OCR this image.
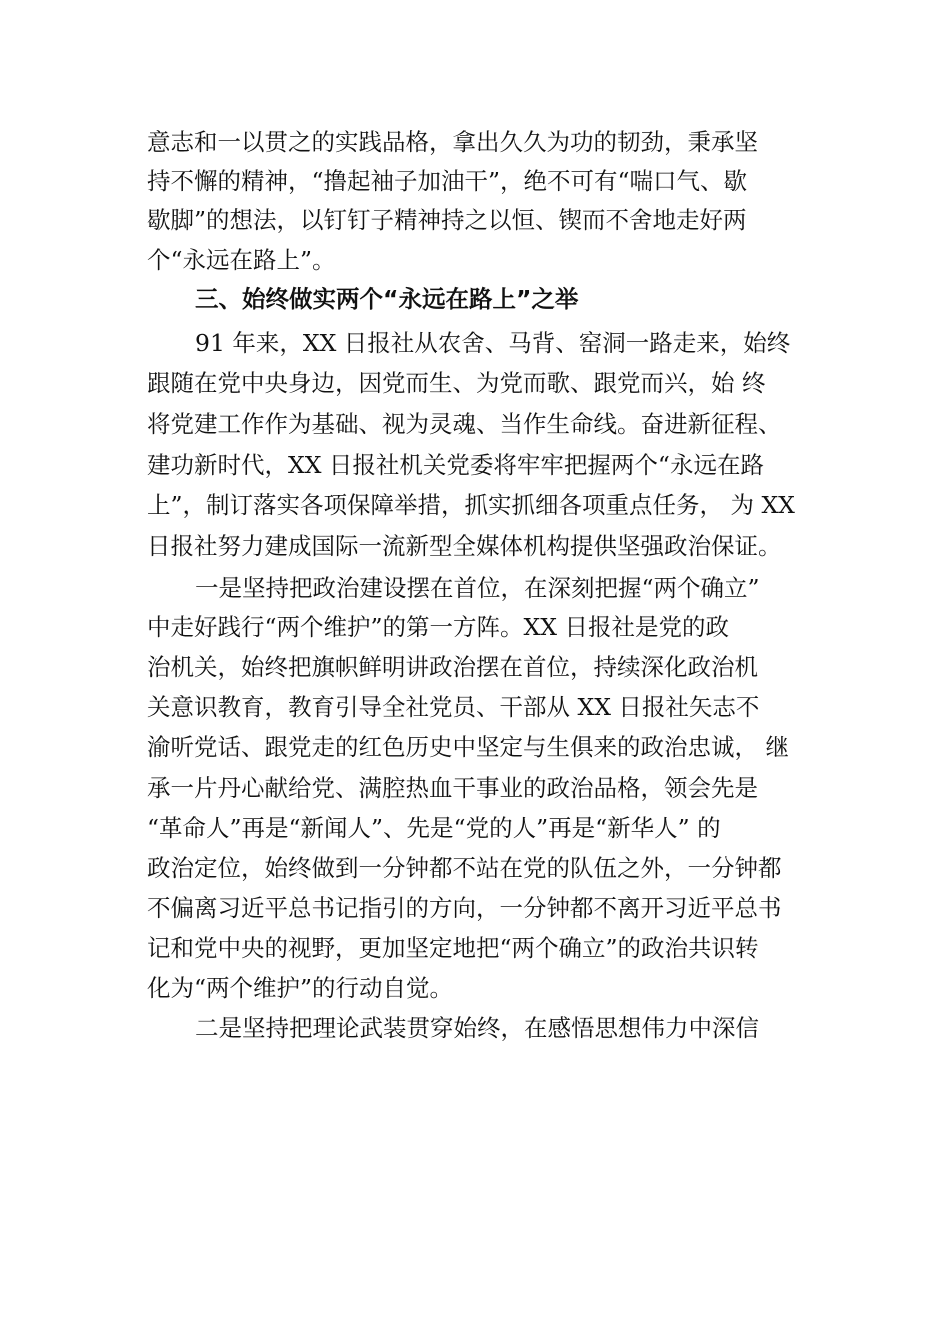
意志和一以贯之的实践品格，拿出久久为功的韧劲，秉承坚
持不懈的精神，“撸起袖子加油干”，绝不可有“喘口气、歇
歇脚”的想法，以钉钉子精神持之以恒、锲而不舍地走好两
个“永远在路上”。
三、始终做实两个“永远在路上”之举
91 年来，XX 日报社从农舍、马背、窑洞一路走来，始终
跟随在党中央身边，因党而生、为党而歌、跟党而兴，始 终
将党建工作作为基础、视为灵魂、当作生命线。奋进新征程、
建功新时代，XX 日报社机关党委将牢牢把握两个“永远在路
上”，制订落实各项保障举措，抓实抓细各项重点任务， 为 XX
日报社努力建成国际一流新型全媒体机构提供坚强政治保证。
一是坚持把政治建设摆在首位，在深刻把握“两个确立”
中走好践行“两个维护”的第一方阵。XX 日报社是党的政
治机关，始终把旗帜鲜明讲政治摆在首位，持续深化政治机
关意识教育，教育引导全社党员、干部从 XX 日报社矢志不
渝听党话、跟党走的红色历史中坚定与生俱来的政治忠诚， 继
承一片丹心献给党、满腔热血干事业的政治品格，领会先是
“革命人”再是“新闻人”、先是“党的人”再是“新华人” 的
政治定位，始终做到一分钟都不站在党的队伍之外，一分钟都
不偏离习近平总书记指引的方向，一分钟都不离开习近平总书
记和党中央的视野，更加坚定地把“两个确立”的政治共识转
化为“两个维护”的行动自觉。
二是坚持把理论武装贯穿始终，在感悟思想伟力中深信
